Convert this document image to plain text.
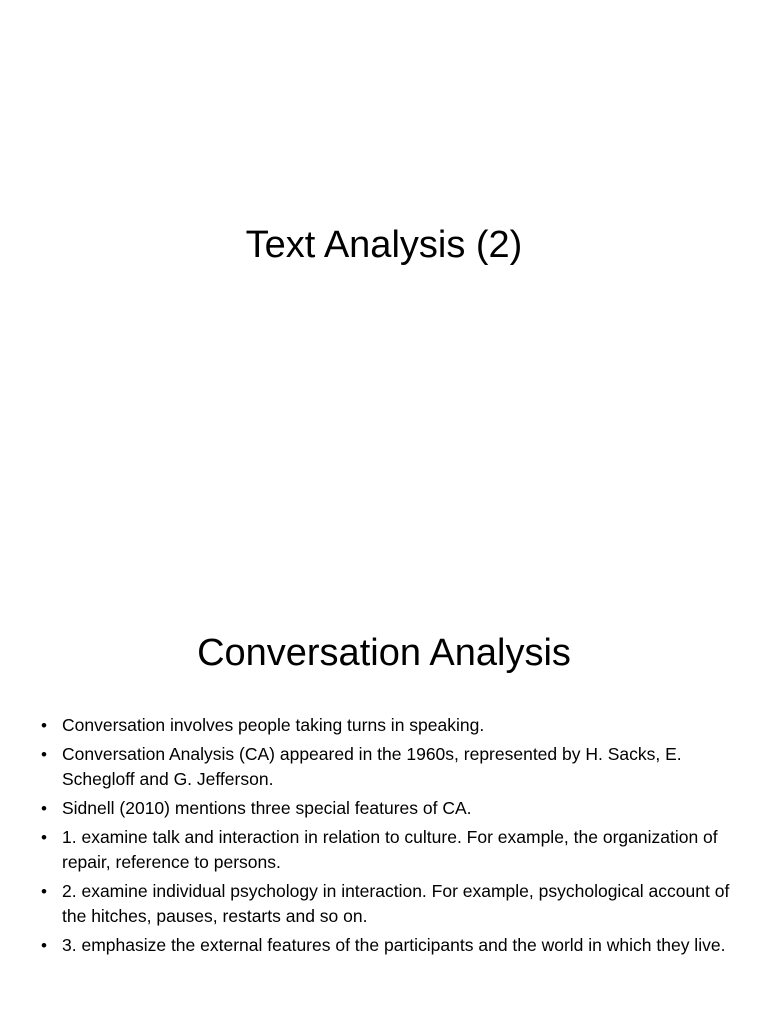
Text Analysis (2)
Conversation Analysis
• Conversation involves people taking turns in speaking.
• Conversation Analysis (CA) appeared in the 1960s, represented by H. Sacks, E. Schegloff and G. Jefferson.
• Sidnell (2010) mentions three special features of CA.
• 1. examine talk and interaction in relation to culture. For example, the organization of repair, reference to persons.
• 2. examine individual psychology in interaction. For example, psychological account of the hitches, pauses, restarts and so on.
• 3. emphasize the external features of the participants and the world in which they live.
